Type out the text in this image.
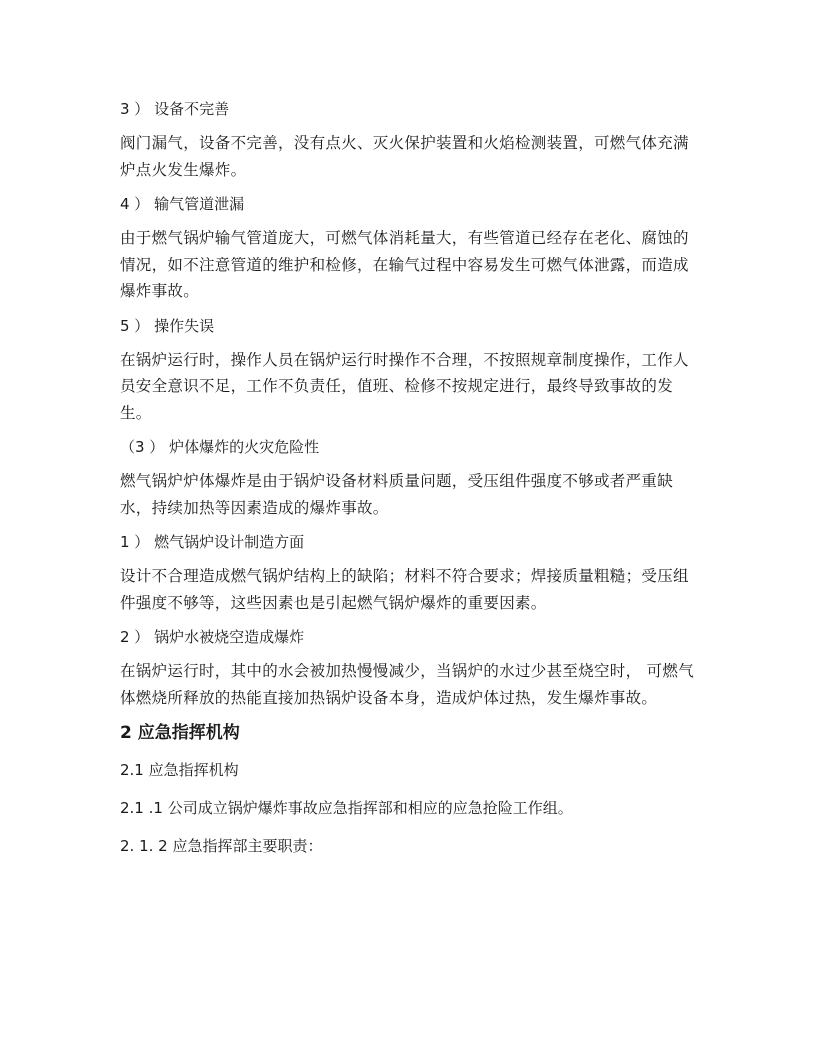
3 ） 设备不完善

阀门漏气，设备不完善，没有点火、灭火保护装置和火焰检测装置，可燃气体充满炉点火发生爆炸。

4 ） 输气管道泄漏

由于燃气锅炉输气管道庞大，可燃气体消耗量大，有些管道已经存在老化、腐蚀的情况，如不注意管道的维护和检修，在输气过程中容易发生可燃气体泄露，而造成爆炸事故。

5 ） 操作失误

在锅炉运行时，操作人员在锅炉运行时操作不合理，不按照规章制度操作，工作人员安全意识不足，工作不负责任，值班、检修不按规定进行，最终导致事故的发生。

（3 ） 炉体爆炸的火灾危险性

燃气锅炉炉体爆炸是由于锅炉设备材料质量问题，受压组件强度不够或者严重缺水，持续加热等因素造成的爆炸事故。

1 ） 燃气锅炉设计制造方面

设计不合理造成燃气锅炉结构上的缺陷；材料不符合要求；焊接质量粗糙；受压组件强度不够等，这些因素也是引起燃气锅炉爆炸的重要因素。

2 ） 锅炉水被烧空造成爆炸

在锅炉运行时，其中的水会被加热慢慢减少，当锅炉的水过少甚至烧空时， 可燃气体燃烧所释放的热能直接加热锅炉设备本身，造成炉体过热，发生爆炸事故。

2 应急指挥机构

2.1 应急指挥机构

2.1 .1 公司成立锅炉爆炸事故应急指挥部和相应的应急抢险工作组。

2. 1. 2 应急指挥部主要职责：
